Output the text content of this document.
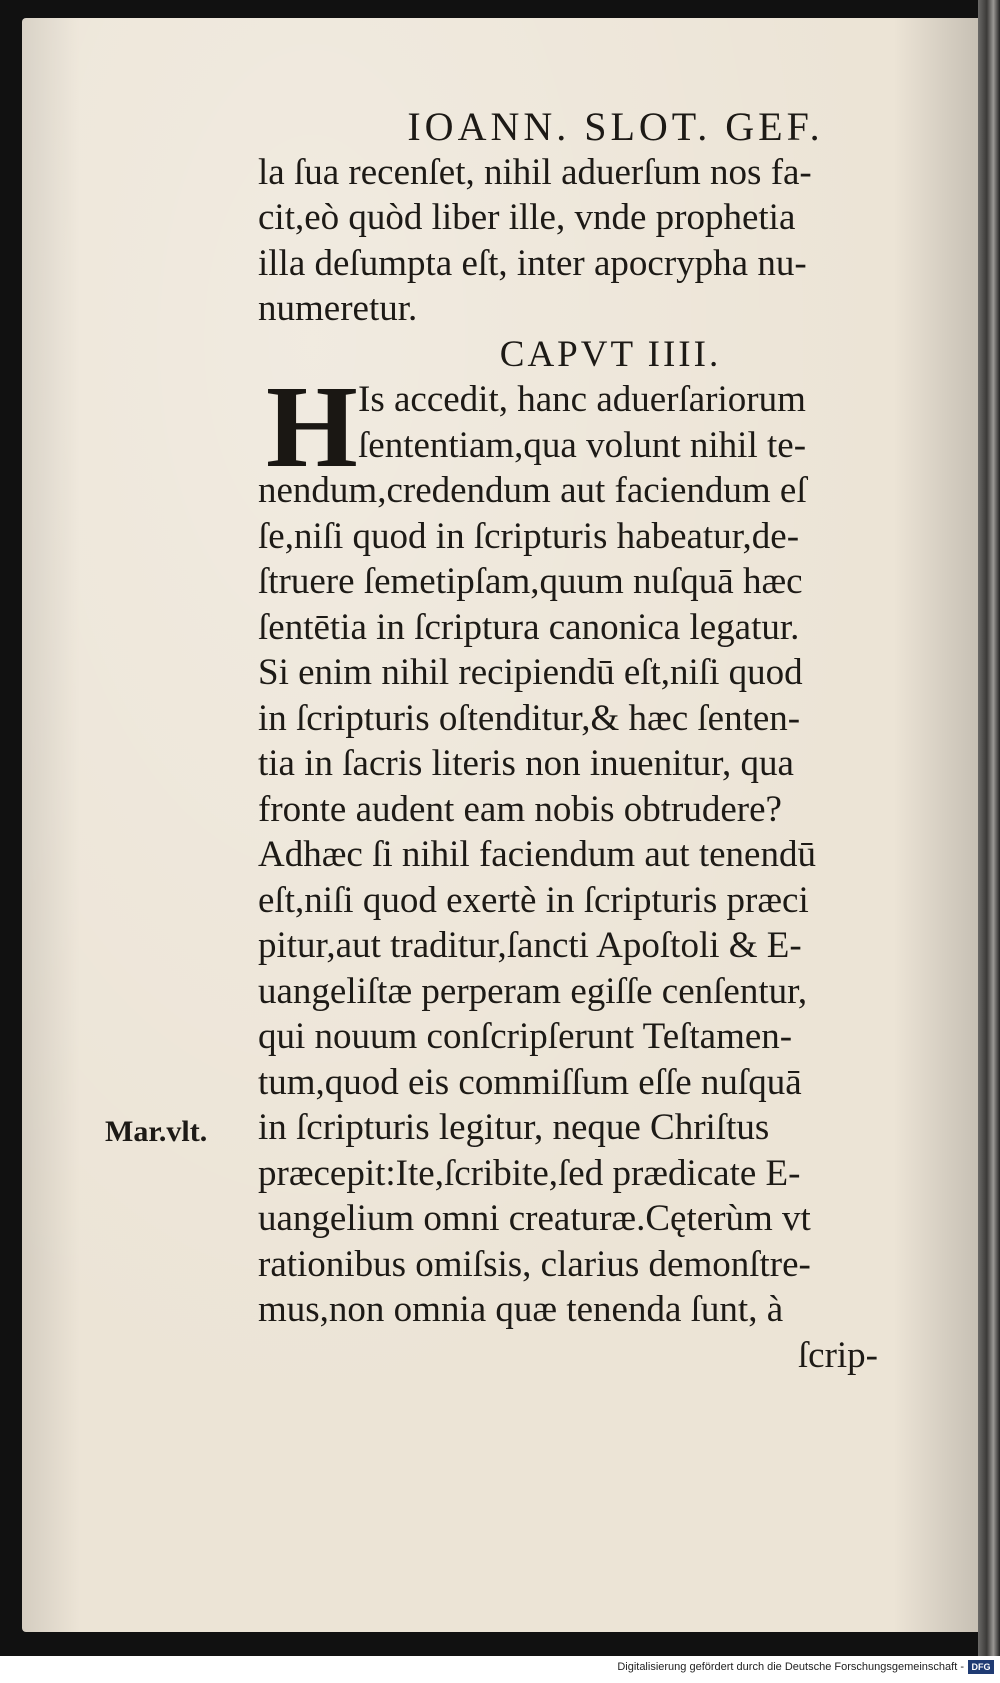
IOANN. SLOT. GEF.
la ſua recenſet, nihil aduerſum nos fa-
cit,eò quòd liber ille, vnde prophetia
illa deſumpta eſt, inter apocrypha nu-
numeretur.
CAPVT IIII.
H Is accedit, hanc aduerſariorum
ſententiam,qua volunt nihil te-
nendum,credendum aut faciendum eſ
ſe,niſi quod in ſcripturis habeatur,de-
ſtruere ſemetipſam,quum nuſquā hæc
ſentētia in ſcriptura canonica legatur.
Si enim nihil recipiendū eſt,niſi quod
in ſcripturis oſtenditur,& hæc ſenten-
tia in ſacris literis non inuenitur, qua
fronte audent eam nobis obtrudere?
Adhæc ſi nihil faciendum aut tenendū
eſt,niſi quod exertè in ſcripturis præci
pitur,aut traditur,ſancti Apoſtoli & E-
uangeliſtæ perperam egiſſe cenſentur,
qui nouum conſcripſerunt Teſtamen-
tum,quod eis commiſſum eſſe nuſquā
in ſcripturis legitur, neque Chriſtus
præcepit:Ite,ſcribite,ſed prædicate E-
uangelium omni creaturæ.Cęterùm vt
rationibus omiſsis, clarius demonſtre-
mus,non omnia quæ tenenda ſunt, à
ſcrip-
Mar.vlt.
Digitalisierung gefördert durch die Deutsche Forschungsgemeinschaft - DFG
